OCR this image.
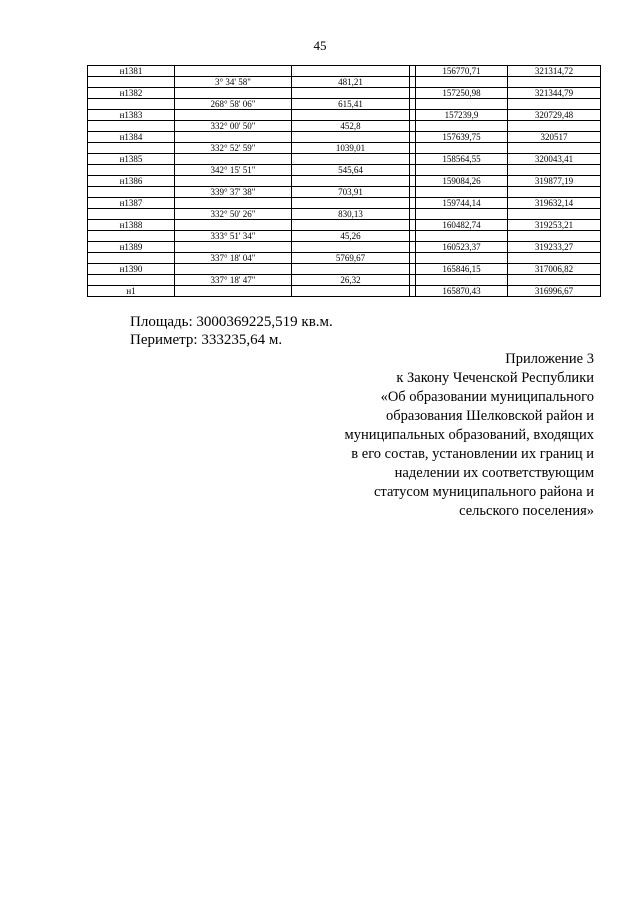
45
н1381				156770,71	321314,72
	3° 34' 58"	481,21			
н1382				157250,98	321344,79
	268° 58' 06"	615,41			
н1383				157239,9	320729,48
	332° 00' 50"	452,8			
н1384				157639,75	320517
	332° 52' 59"	1039,01			
н1385				158564,55	320043,41
	342° 15' 51"	545,64			
н1386				159084,26	319877,19
	339° 37' 38"	703,91			
н1387				159744,14	319632,14
	332° 50' 26"	830,13			
н1388				160482,74	319253,21
	333° 51' 34"	45,26			
н1389				160523,37	319233,27
	337° 18' 04"	5769,67			
н1390				165846,15	317006,82
	337° 18' 47"	26,32			
н1				165870,43	316996,67
Площадь: 3000369225,519 кв.м.
Периметр: 333235,64 м.
Приложение 3
к Закону Чеченской Республики
«Об образовании муниципального
образования Шелковской район и
муниципальных образований, входящих
в его состав, установлении их границ и
наделении их соответствующим
статусом муниципального района и
сельского поселения»
